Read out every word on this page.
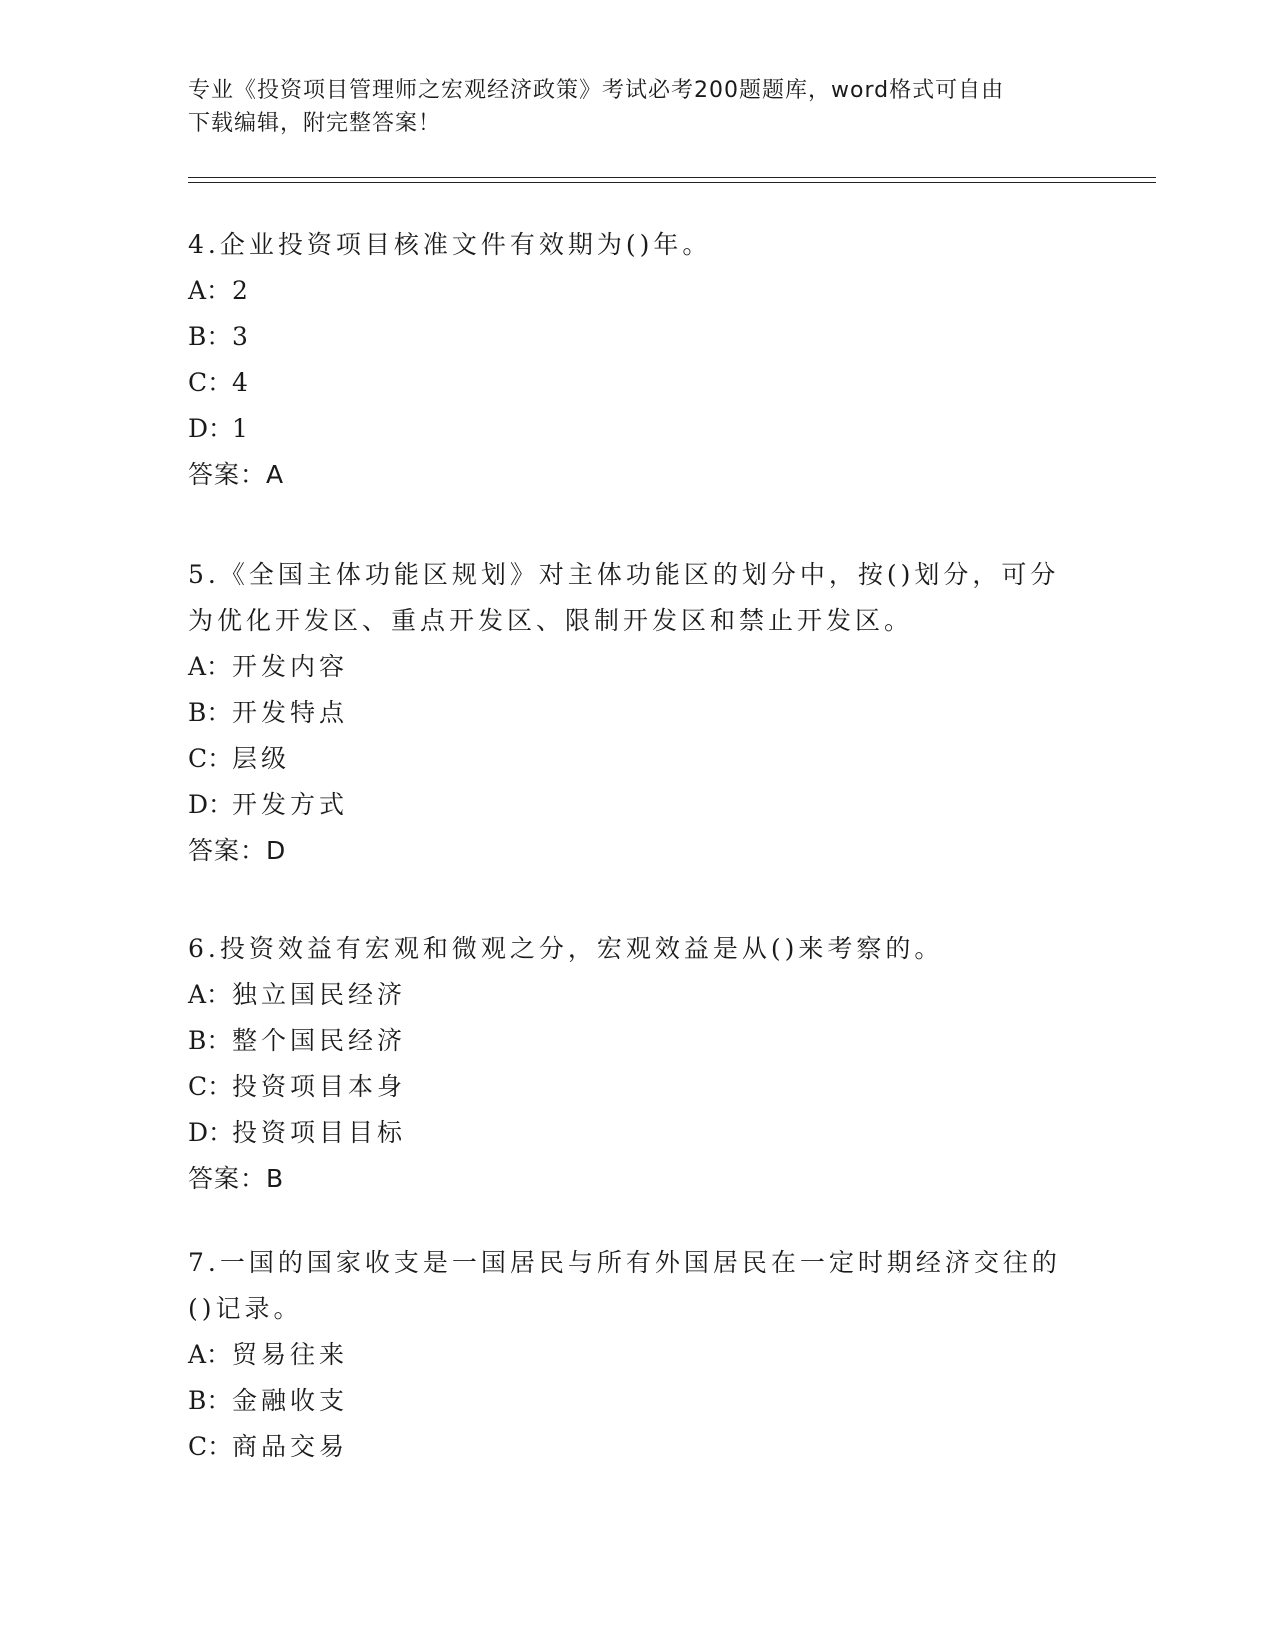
专业《投资项目管理师之宏观经济政策》考试必考200题题库，word格式可自由
下载编辑，附完整答案！
4.企业投资项目核准文件有效期为()年。
A：2
B：3
C：4
D：1
答案：A
5.《全国主体功能区规划》对主体功能区的划分中，按()划分，可分
为优化开发区、重点开发区、限制开发区和禁止开发区。
A：开发内容
B：开发特点
C：层级
D：开发方式
答案：D
6.投资效益有宏观和微观之分，宏观效益是从()来考察的。
A：独立国民经济
B：整个国民经济
C：投资项目本身
D：投资项目目标
答案：B
7.一国的国家收支是一国居民与所有外国居民在一定时期经济交往的
()记录。
A：贸易往来
B：金融收支
C：商品交易
